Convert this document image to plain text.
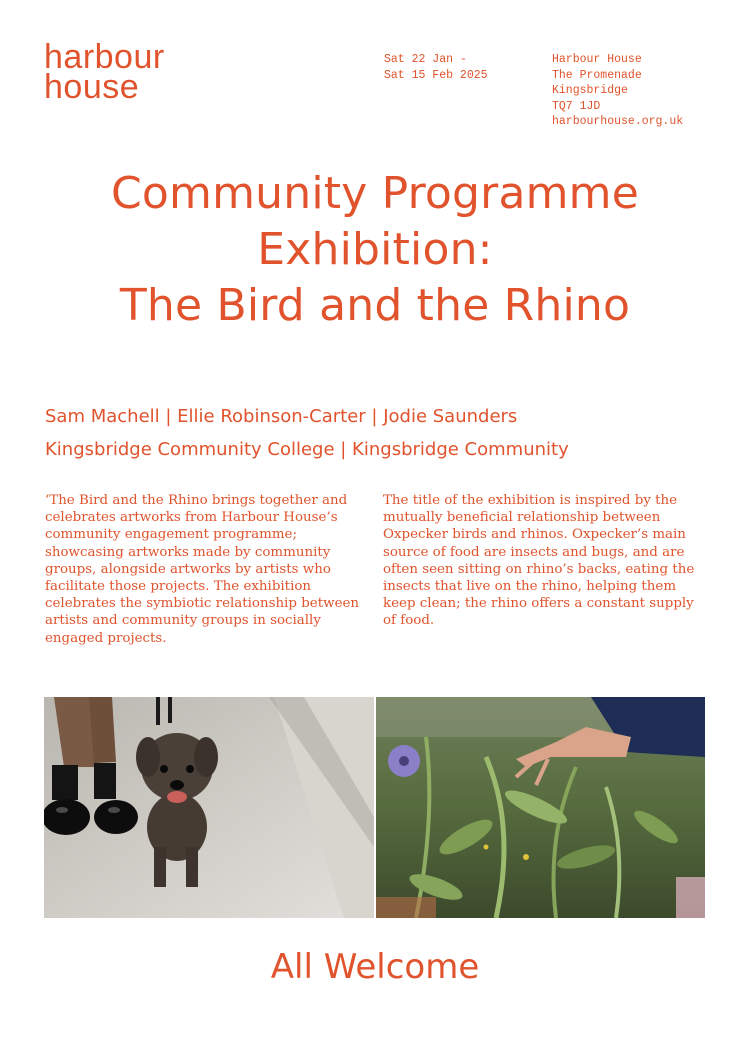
harbour
house
Sat 22 Jan -
Sat 15 Feb 2025
Harbour House
The Promenade
Kingsbridge
TQ7 1JD
harbourhouse.org.uk
Community Programme
Exhibition:
The Bird and the Rhino
Sam Machell | Ellie Robinson-Carter | Jodie Saunders
Kingsbridge Community College | Kingsbridge Community
‘The Bird and the Rhino brings together and celebrates artworks from Harbour House’s community engagement programme; showcasing artworks made by community groups, alongside artworks by artists who facilitate those projects. The exhibition celebrates the symbiotic relationship between artists and community groups in socially engaged projects.
The title of the exhibition is inspired by the mutually beneficial relationship between Oxpecker birds and rhinos. Oxpecker’s main source of food are insects and bugs, and are often seen sitting on rhino’s backs, eating the insects that live on the rhino, helping them keep clean; the rhino offers a constant supply of food.
All Welcome
